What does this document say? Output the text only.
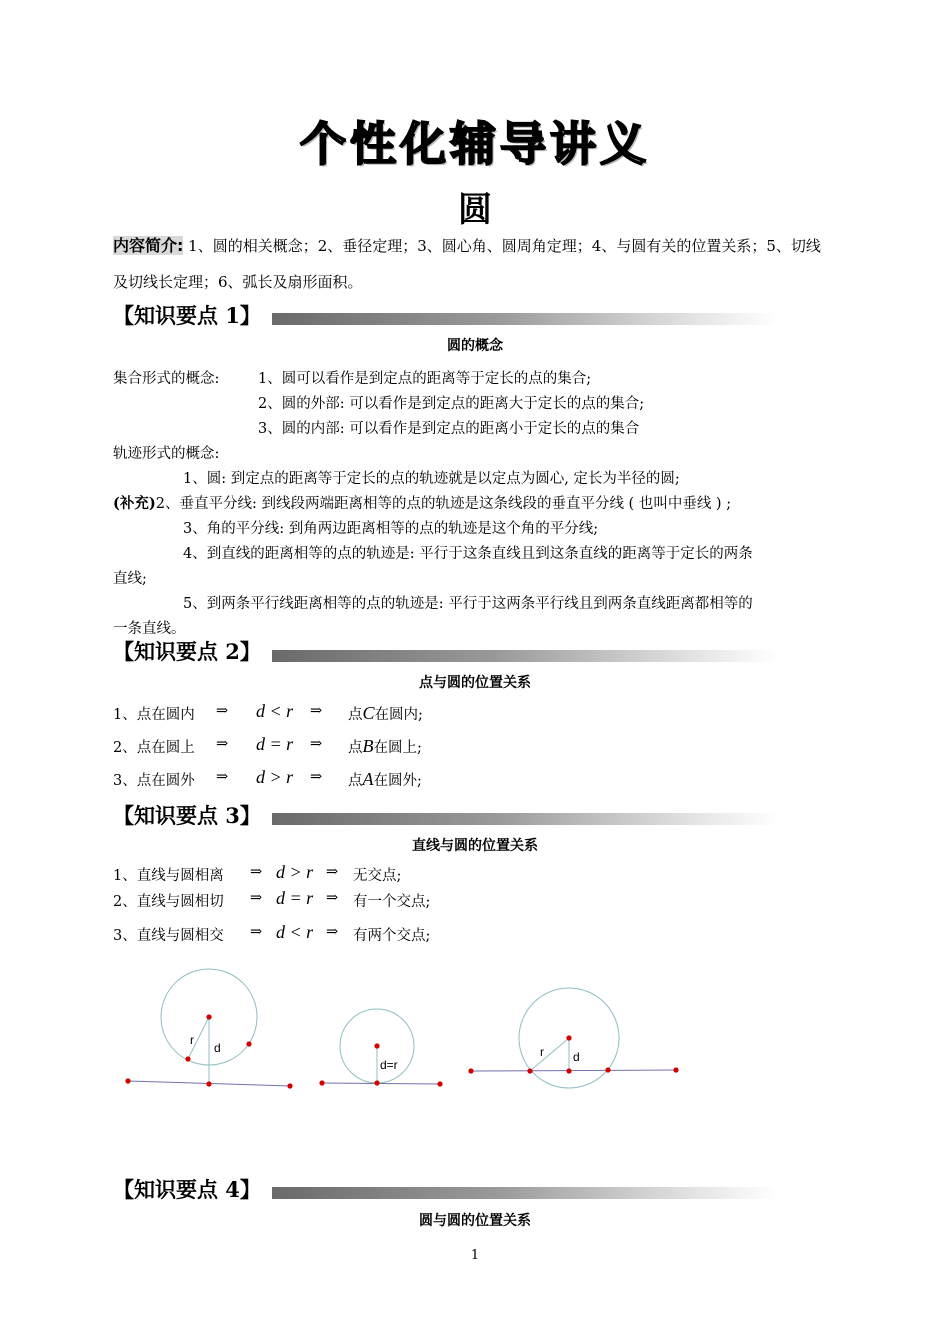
个性化辅导讲义
圆
内容简介: 1、圆的相关概念；2、垂径定理；3、圆心角、圆周角定理；4、与圆有关的位置关系；5、切线
及切线长定理；6、弧长及扇形面积。
【知识要点 1】
圆的概念
集合形式的概念:	1、圆可以看作是到定点的距离等于定长的点的集合;
2、圆的外部: 可以看作是到定点的距离大于定长的点的集合;
3、圆的内部: 可以看作是到定点的距离小于定长的点的集合
轨迹形式的概念:
1、圆: 到定点的距离等于定长的点的轨迹就是以定点为圆心, 定长为半径的圆;
(补充)2、垂直平分线: 到线段两端距离相等的点的轨迹是这条线段的垂直平分线 ( 也叫中垂线 ) ;
3、角的平分线: 到角两边距离相等的点的轨迹是这个角的平分线;
4、到直线的距离相等的点的轨迹是: 平行于这条直线且到这条直线的距离等于定长的两条
直线;
5、到两条平行线距离相等的点的轨迹是: 平行于这两条平行线且到两条直线距离都相等的
一条直线。
【知识要点 2】
点与圆的位置关系
1、点在圆内 ⇒ d < r ⇒ 点C在圆内;
2、点在圆上 ⇒ d = r ⇒ 点B在圆上;
3、点在圆外 ⇒ d > r ⇒ 点A在圆外;
【知识要点 3】
直线与圆的位置关系
1、直线与圆相离 ⇒ d > r ⇒ 无交点;
2、直线与圆相切 ⇒ d = r ⇒ 有一个交点;
3、直线与圆相交 ⇒ d < r ⇒ 有两个交点;
r
d
d=r
r d
【知识要点 4】
圆与圆的位置关系
1
